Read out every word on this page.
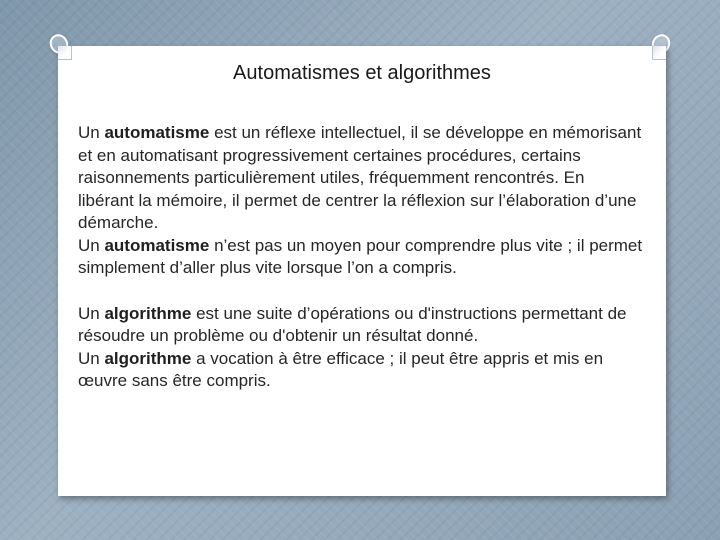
Automatismes et algorithmes

Un automatisme est un réflexe intellectuel, il se développe en mémorisant et en automatisant progressivement certaines procédures, certains raisonnements particulièrement utiles, fréquemment rencontrés. En libérant la mémoire, il permet de centrer la réflexion sur l’élaboration d’une démarche.

Un automatisme n’est pas un moyen pour comprendre plus vite ; il permet simplement d’aller plus vite lorsque l’on a compris.

Un algorithme est une suite d’opérations ou d'instructions permettant de résoudre un problème ou d'obtenir un résultat donné.

Un algorithme a vocation à être efficace ; il peut être appris et mis en œuvre sans être compris.
